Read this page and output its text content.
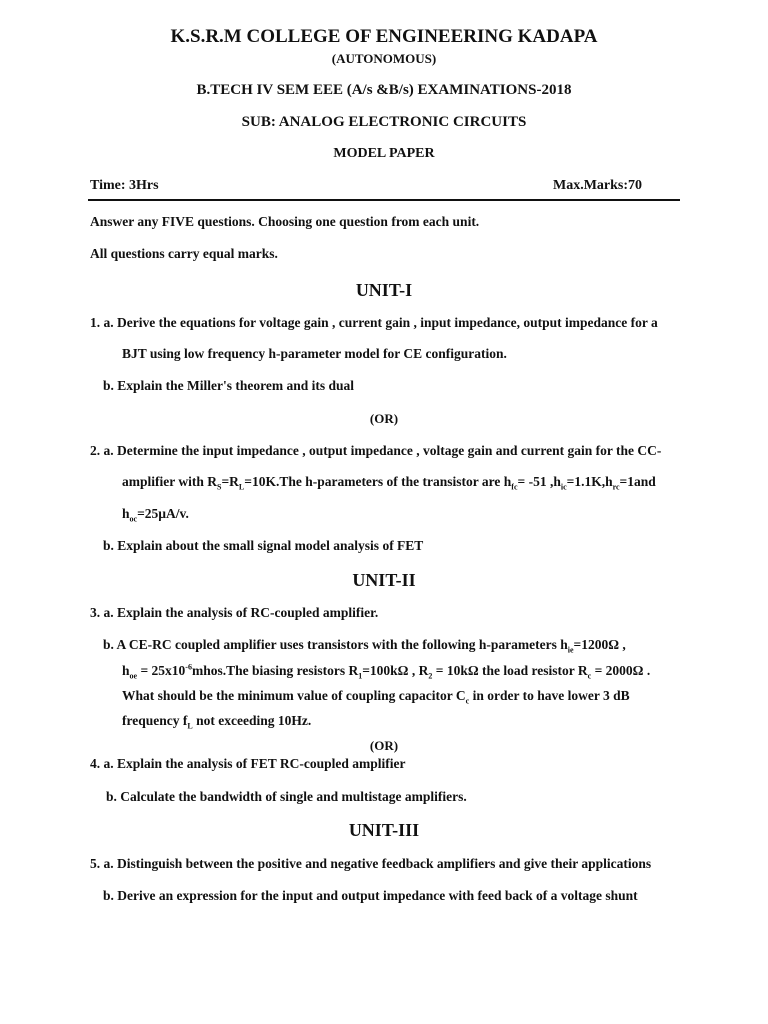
K.S.R.M COLLEGE OF ENGINEERING KADAPA
(AUTONOMOUS)
B.TECH IV SEM EEE (A/s &B/s) EXAMINATIONS-2018
SUB: ANALOG ELECTRONIC CIRCUITS
MODEL PAPER
Time: 3Hrs	Max.Marks:70
Answer any FIVE questions. Choosing one question from each unit.
All questions carry equal marks.
UNIT-I
1. a. Derive the equations for voltage gain , current gain , input impedance, output impedance for a
BJT using low frequency h-parameter model for CE configuration.
b. Explain the Miller's theorem and its dual
(OR)
2. a. Determine the input impedance , output impedance , voltage gain and current gain for the CC-
amplifier with $R_S=R_L=10K.The$ h-parameters of the transistor are $h_{fc}= -51$ $,h_{ic}=1.1K,h_{rc}=1and$
$h_{oc}=25\mu A/v$.
b. Explain about the small signal model analysis of FET
UNIT-II
3. a. Explain the analysis of RC-coupled amplifier.
b. A CE-RC coupled amplifier uses transistors with the following h-parameters $h_{ie}=1200\Omega$ ,
$h_{oe}$ = $25x10^{-6}mhos.The$ biasing resistors $R_1=100k\Omega$ , $R_2 = 10k\Omega$ the load resistor $R_c = 2000\Omega$ .
What should be the minimum value of coupling capacitor $C_c$ in order to have lower 3 dB
frequency $f_L$ not exceeding 10Hz.
(OR)
4. a. Explain the analysis of FET RC-coupled amplifier
b. Calculate the bandwidth of single and multistage amplifiers.
UNIT-III
5. a. Distinguish between the positive and negative feedback amplifiers and give their applications
b. Derive an expression for the input and output impedance with feed back of a voltage shunt
